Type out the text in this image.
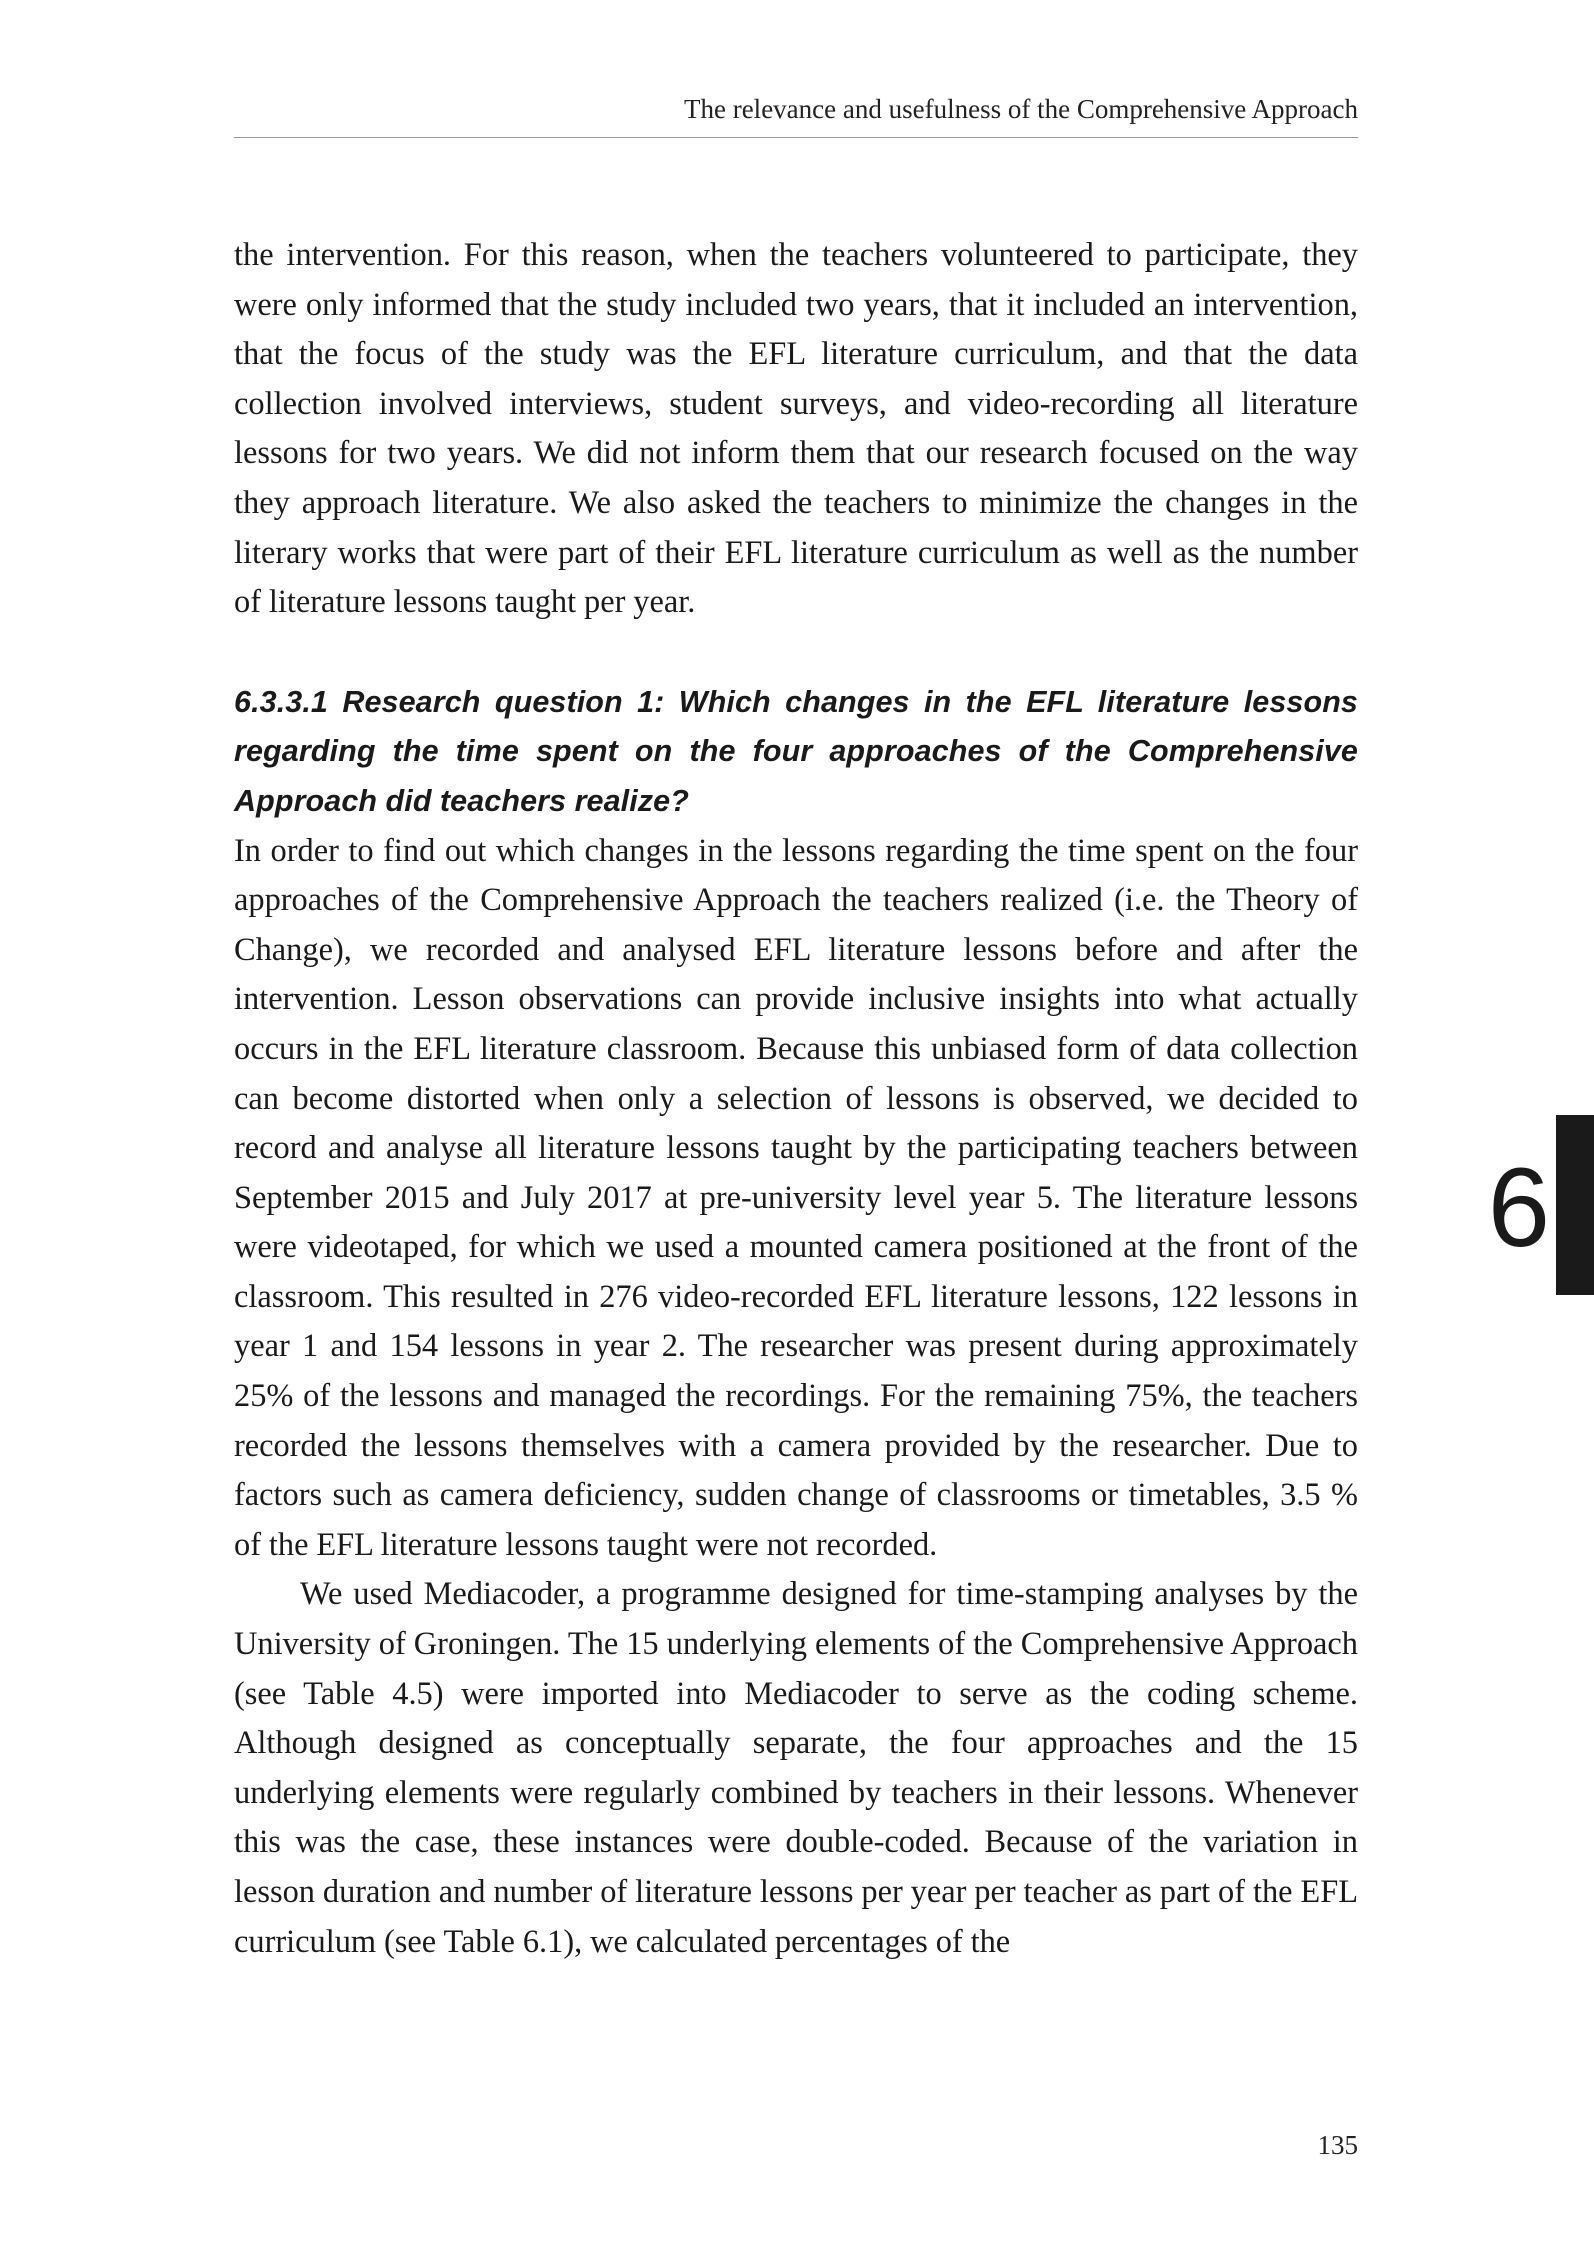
The relevance and usefulness of the Comprehensive Approach

the intervention. For this reason, when the teachers volunteered to participate, they were only informed that the study included two years, that it included an intervention, that the focus of the study was the EFL literature curriculum, and that the data collection involved interviews, student surveys, and video-recording all literature lessons for two years. We did not inform them that our research focused on the way they approach literature. We also asked the teachers to minimize the changes in the literary works that were part of their EFL literature curriculum as well as the number of literature lessons taught per year.

6.3.3.1 Research question 1: Which changes in the EFL literature lessons regarding the time spent on the four approaches of the Comprehensive Approach did teachers realize?

In order to find out which changes in the lessons regarding the time spent on the four approaches of the Comprehensive Approach the teachers realized (i.e. the Theory of Change), we recorded and analysed EFL literature lessons before and after the intervention. Lesson observations can provide inclusive insights into what actually occurs in the EFL literature classroom. Because this unbiased form of data collection can become distorted when only a selection of lessons is observed, we decided to record and analyse all literature lessons taught by the participating teachers between September 2015 and July 2017 at pre-university level year 5. The literature lessons were videotaped, for which we used a mounted camera positioned at the front of the classroom. This resulted in 276 video-recorded EFL literature lessons, 122 lessons in year 1 and 154 lessons in year 2. The researcher was present during approximately 25% of the lessons and managed the recordings. For the remaining 75%, the teachers recorded the lessons themselves with a camera provided by the researcher. Due to factors such as camera deficiency, sudden change of classrooms or timetables, 3.5 % of the EFL literature lessons taught were not recorded.

We used Mediacoder, a programme designed for time-stamping analyses by the University of Groningen. The 15 underlying elements of the Comprehensive Approach (see Table 4.5) were imported into Mediacoder to serve as the coding scheme. Although designed as conceptually separate, the four approaches and the 15 underlying elements were regularly combined by teachers in their lessons. Whenever this was the case, these instances were double-coded. Because of the variation in lesson duration and number of literature lessons per year per teacher as part of the EFL curriculum (see Table 6.1), we calculated percentages of the

6
135
